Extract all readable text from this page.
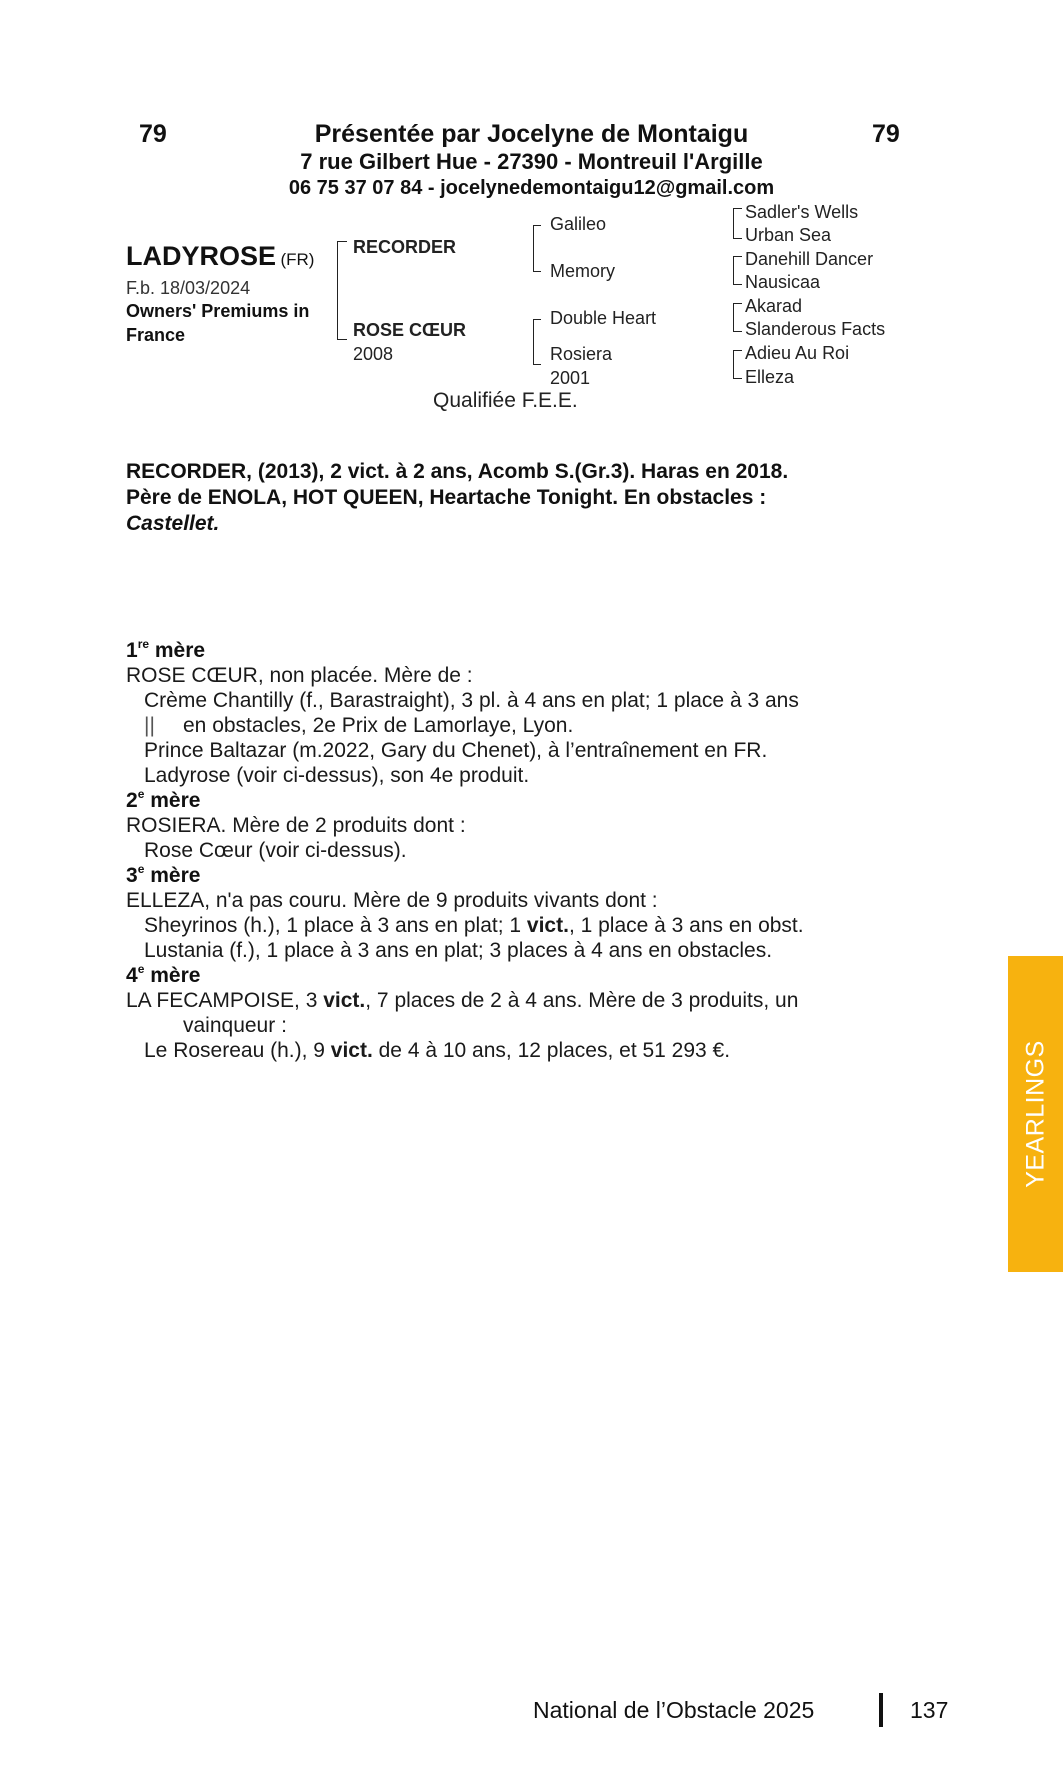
79	79
Présentée par Jocelyne de Montaigu
7 rue Gilbert Hue - 27390 - Montreuil l'Argille
06 75 37 07 84 - jocelynedemontaigu12@gmail.com
LADYROSE (FR)
F.b. 18/03/2024
Owners' Premiums in
France
RECORDER
ROSE CŒUR
2008
Galileo
Memory
Double Heart
Rosiera
2001
Sadler's Wells
Urban Sea
Danehill Dancer
Nausicaa
Akarad
Slanderous Facts
Adieu Au Roi
Elleza
Qualifiée F.E.E.
RECORDER, (2013), 2 vict. à 2 ans, Acomb S.(Gr.3). Haras en 2018.
Père de ENOLA, HOT QUEEN, Heartache Tonight. En obstacles :
Castellet.
1re mère
ROSE CŒUR, non placée. Mère de :
Crème Chantilly (f., Barastraight), 3 pl. à 4 ans en plat; 1 place à 3 ans
|| en obstacles, 2e Prix de Lamorlaye, Lyon.
Prince Baltazar (m.2022, Gary du Chenet), à l’entraînement en FR.
Ladyrose (voir ci-dessus), son 4e produit.
2e mère
ROSIERA. Mère de 2 produits dont :
Rose Cœur (voir ci-dessus).
3e mère
ELLEZA, n'a pas couru. Mère de 9 produits vivants dont :
Sheyrinos (h.), 1 place à 3 ans en plat; 1 vict., 1 place à 3 ans en obst.
Lustania (f.), 1 place à 3 ans en plat; 3 places à 4 ans en obstacles.
4e mère
LA FECAMPOISE, 3 vict., 7 places de 2 à 4 ans. Mère de 3 produits, un
vainqueur :
Le Rosereau (h.), 9 vict. de 4 à 10 ans, 12 places, et 51 293 €.	YEARLINGS
National de l’Obstacle 2025	137
